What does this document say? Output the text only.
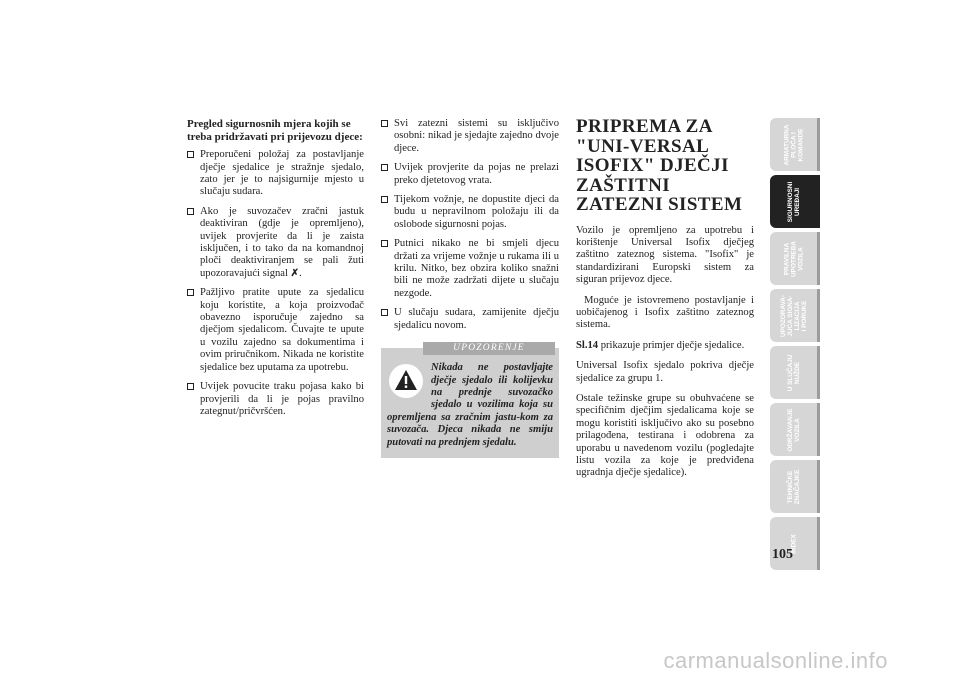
Pregled sigurnosnih mjera kojih se treba pridržavati pri prijevozu djece:

Preporučeni položaj za postavljanje dječje sjedalice je stražnje sjedalo, zato jer je to najsigurnije mjesto u slučaju sudara.

Ako je suvozačev zračni jastuk deaktiviran (gdje je opremljeno), uvijek provjerite da li je zaista isključen, i to tako da na komandnoj ploči deaktiviranjem se pali žuti upozoravajući signal ✗.

Pažljivo pratite upute za sjedalicu koju koristite, a koja proizvođač obavezno isporučuje zajedno sa dječjom sjedalicom. Čuvajte te upute u vozilu zajedno sa dokumentima i ovim priručnikom. Nikada ne koristite sjedalice bez uputama za upotrebu.

Uvijek povucite traku pojasa kako bi provjerili da li je pojas pravilno zategnut/pričvršćen.

Svi zatezni sistemi su isključivo osobni: nikad je sjedajte zajedno dvoje djece.

Uvijek provjerite da pojas ne prelazi preko djetetovog vrata.

Tijekom vožnje, ne dopustite djeci da budu u nepravilnom položaju ili da oslobode sigurnosni pojas.

Putnici nikako ne bi smjeli djecu držati za vrijeme vožnje u rukama ili u krilu. Nitko, bez obzira koliko snažni bili ne može zadržati dijete u slučaju nezgode.

U slučaju sudara, zamijenite dječju sjedalicu novom.

UPOZORENJE
Nikada ne postavljajte dječje sjedalo ili kolijevku na prednje suvozačko sjedalo u vozilima koja su opremljena sa zračnim jastu-kom za suvozača. Djeca nikada ne smiju putovati na prednjem sjedalu.
PRIPREMA ZA "UNI-VERSAL ISOFIX" DJEČJI ZAŠTITNI ZATEZNI SISTEM

Vozilo je opremljeno za upotrebu i korištenje Universal Isofix dječjeg zaštitno zateznog sistema. "Isofix" je standardizirani Europski sistem za siguran prijevoz djece.

Moguće je istovremeno postavljanje i uobičajenog i Isofix zaštitno zateznog sistema.

Sl.14 prikazuje primjer dječje sjedalice.

Universal Isofix sjedalo pokriva dječje sjedalice za grupu 1.

Ostale težinske grupe su obuhvaćene se specifičnim dječjim sjedalicama koje se mogu koristiti isključivo ako su posebno prilagođena, testirana i odobrena za uporabu u navedenom vozilu (pogledajte listu vozila za koje je predviđena ugradnja dječje sjedalice).

ARMATURNA
PLOČA I
KOMANDE
SIGURNOSNI
UREĐAJI
PRAVILNA
UPOTREBA
VOZILA
UPOZORAVA-
JUĆA SIGNA-
LIZACIJA
I PORUKE
U SLUČAJU
NUŽDE
ODRŽAVANJE
VOZILA
TEHNIČKE
ZNAČAJKE
INDEX
105
carmanualsonline.info
